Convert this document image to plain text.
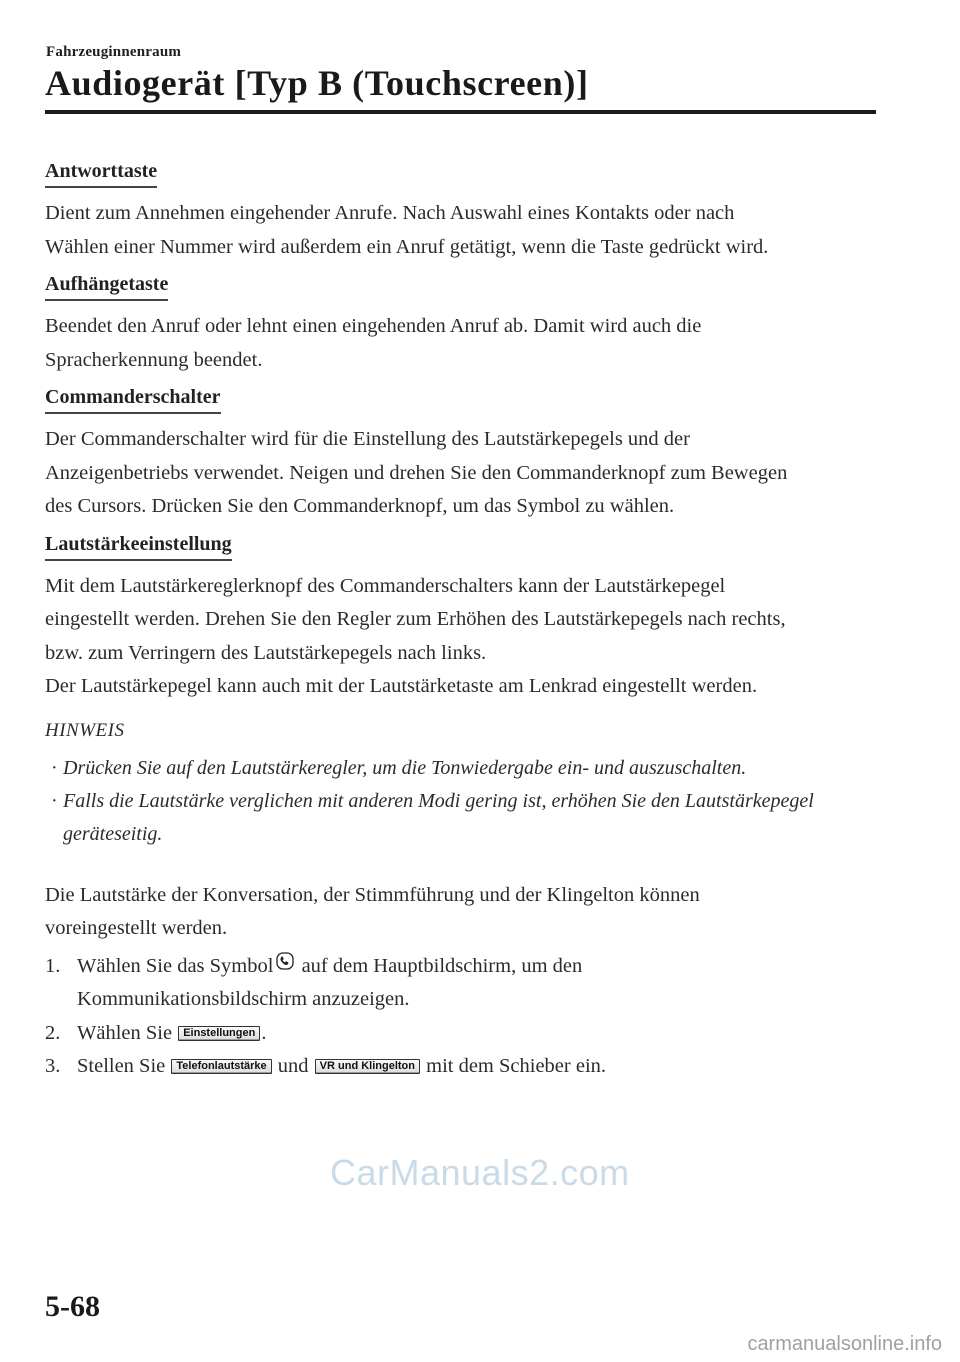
Fahrzeuginnenraum
Audiogerät [Typ B (Touchscreen)]
Antworttaste

Dient zum Annehmen eingehender Anrufe. Nach Auswahl eines Kontakts oder nach
Wählen einer Nummer wird außerdem ein Anruf getätigt, wenn die Taste gedrückt wird.

Aufhängetaste

Beendet den Anruf oder lehnt einen eingehenden Anruf ab. Damit wird auch die
Spracherkennung beendet.

Commanderschalter

Der Commanderschalter wird für die Einstellung des Lautstärkepegels und der
Anzeigenbetriebs verwendet. Neigen und drehen Sie den Commanderknopf zum Bewegen
des Cursors. Drücken Sie den Commanderknopf, um das Symbol zu wählen.

Lautstärkeeinstellung

Mit dem Lautstärkereglerknopf des Commanderschalters kann der Lautstärkepegel
eingestellt werden. Drehen Sie den Regler zum Erhöhen des Lautstärkepegels nach rechts,
bzw. zum Verringern des Lautstärkepegels nach links.
Der Lautstärkepegel kann auch mit der Lautstärketaste am Lenkrad eingestellt werden.

HINWEIS
· Drücken Sie auf den Lautstärkeregler, um die Tonwiedergabe ein- und auszuschalten.
· Falls die Lautstärke verglichen mit anderen Modi gering ist, erhöhen Sie den Lautstärkepegel geräteseitig.

Die Lautstärke der Konversation, der Stimmführung und der Klingelton können
voreingestellt werden.

1. Wählen Sie das Symbol auf dem Hauptbildschirm, um den
Kommunikationsbildschirm anzuzeigen.
2. Wählen Sie Einstellungen .
3. Stellen Sie Telefonlautstärke und VR und Klingelton mit dem Schieber ein.
CarManuals2.com
5-68
carmanualsonline.info
